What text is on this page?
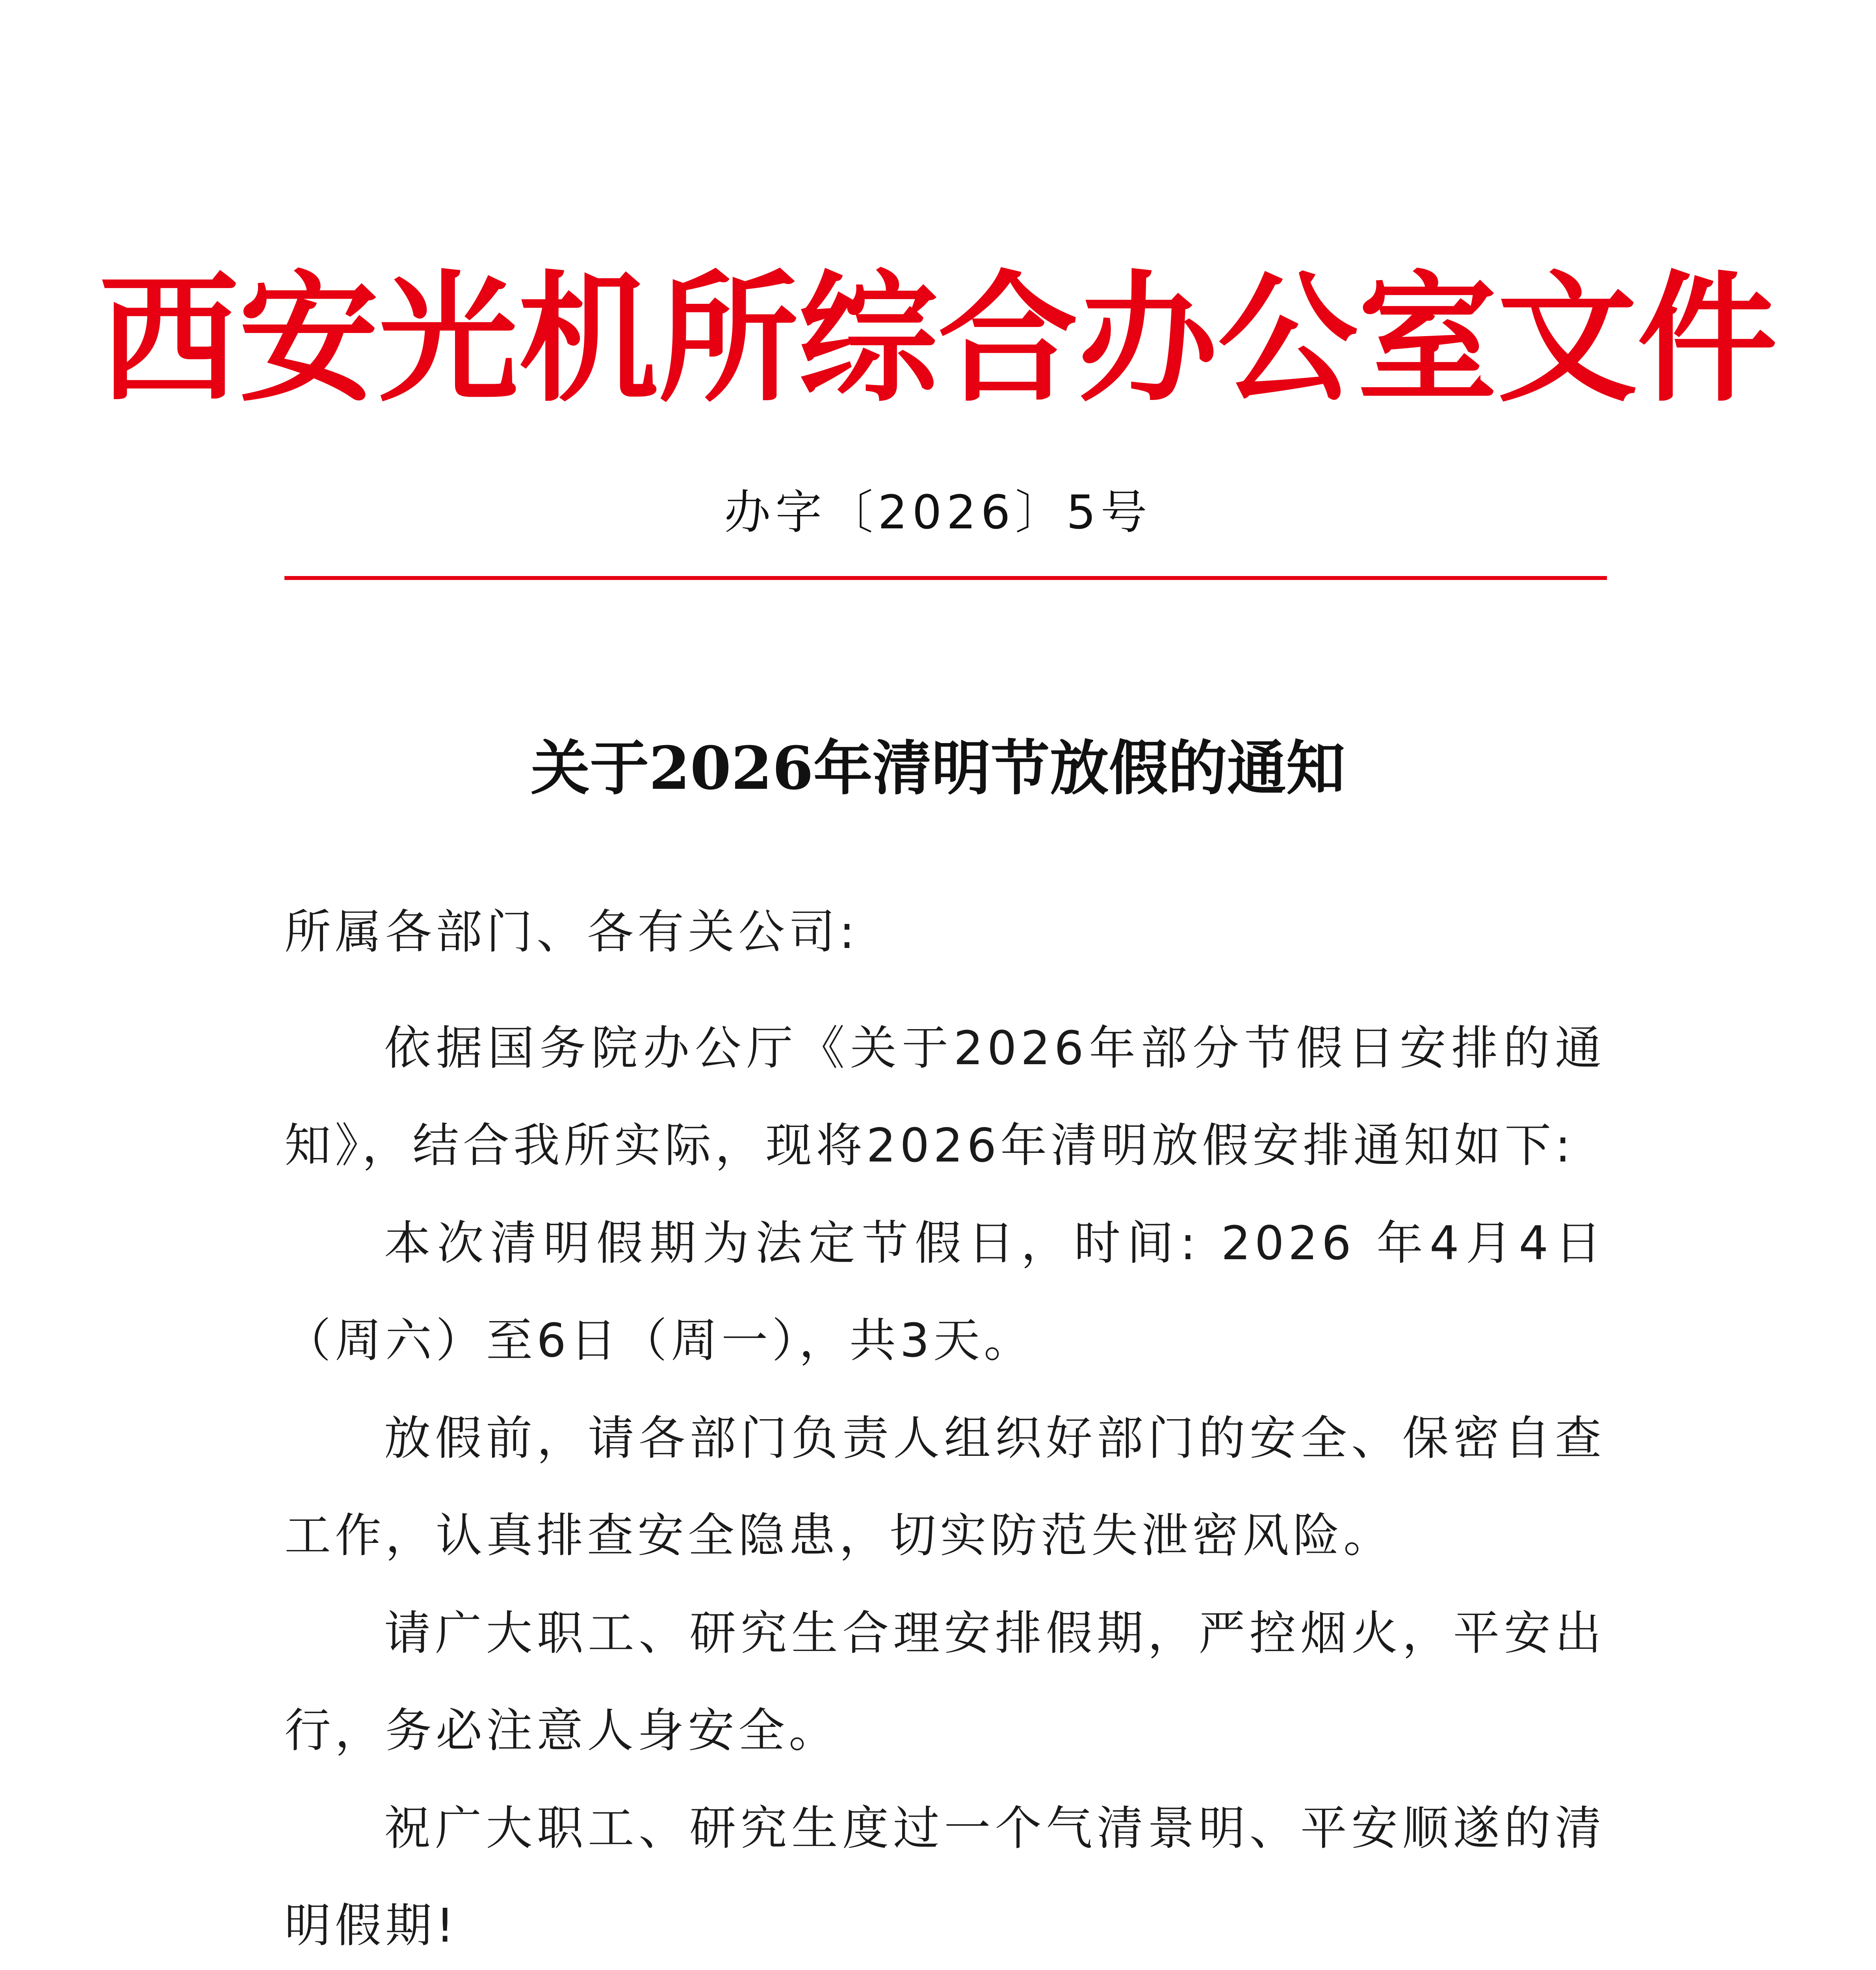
西安光机所综合办公室文件
办字〔2026〕5号
关于2026年清明节放假的通知
所属各部门、各有关公司:
依据国务院办公厅《关于2026年部分节假日安排的通
知》，结合我所实际，现将2026年清明放假安排通知如下:
本次清明假期为法定节假日，时间: 2026 年4月4日
（周六）至6日（周一），共3天。
放假前，请各部门负责人组织好部门的安全、保密自查
工作，认真排查安全隐患，切实防范失泄密风险。
请广大职工、研究生合理安排假期，严控烟火，平安出
行，务必注意人身安全。
祝广大职工、研究生度过一个气清景明、平安顺遂的清
明假期!
